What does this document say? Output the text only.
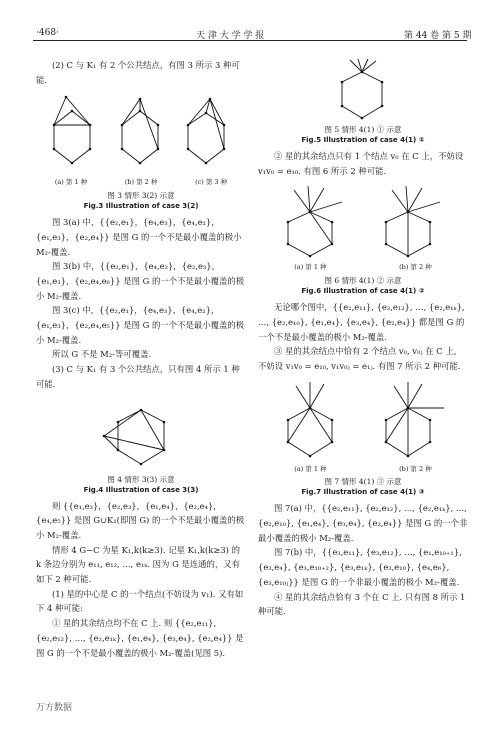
·468·	天 津 大 学 学 报	第 44 卷 第 5 期

(2) C 与 K₁ 有 2 个公共结点，有图 3 所示 3 种可能.

(a) 第 1 种	(b) 第 2 种	(c) 第 3 种

图 3 情形 3(2) 示意

Fig.3 Illustration of case 3(2)

图 3(a) 中，{{e₂,e₁}，{e₄,e₃}，{e₄,e₁}，{e₁,e₃}，{e₂,e₄}} 是图 G 的一个不是最小覆盖的极小 M₂-覆盖.

图 3(b) 中，{{e₂,e₁}，{e₄,e₂}，{e₂,e₃}，{e₁,e₃}，{e₂,e₄,e₆}} 是图 G 的一个不是最小覆盖的极小 M₂-覆盖.

图 3(c) 中，{{e₂,e₁}，{e₄,e₃}，{e₄,e₂}，{e₁,e₃}，{e₂,e₄,e₅}} 是图 G 的一个不是最小覆盖的极小 M₂-覆盖.

所以 G 不是 M₂-等可覆盖.

(3) C 与 K₁ 有 3 个公共结点，只有图 4 所示 1 种可能.

图 4 情形 3(3) 示意

Fig.4 Illustration of case 3(3)

则 {{e₁,e₃}，{e₂,e₃}，{e₁,e₄}，{e₂,e₄}，{e₄,e₅}} 是图 G∪K₁(即图 G) 的一个不是最小覆盖的极小 M₂-覆盖.

情形 4 G−C 为星 K₁,k(k≥3). 记星 K₁,k(k≥3) 的 k 条边分别为 e₁₁, e₁₂, …, e₁ₖ. 因为 G 是连通的，又有如下 2 种可能.

(1) 星的中心是 C 的一个结点(不妨设为 v₁). 又有如下 4 种可能:

① 星的其余结点均不在 C 上. 则 {{e₂,e₁₁}, {e₂,e₁₂}, …, {e₂,e₁ₖ}, {e₁,e₄}, {e₃,e₄}, {e₂,e₄}} 是图 G 的一个不是最小覆盖的极小 M₂-覆盖(见图 5).

图 5 情形 4(1) ① 示意

Fig.5 Illustration of case 4(1) ①

② 星的其余结点只有 1 个结点 v₀ 在 C 上，不妨设 v₁v₀ = e₁₀. 有图 6 所示 2 种可能.

(a) 第 1 种	(b) 第 2 种

图 6 情形 4(1) ② 示意

Fig.6 Illustration of case 4(1) ②

无论哪个图中，{{e₂,e₁₁}, {e₂,e₁₂}, …, {e₂,e₁ₖ}, …, {e₂,e₁₀}, {e₁,e₄}, {e₃,e₄}, {e₂,e₄}} 都是图 G 的一个不是最小覆盖的极小 M₂-覆盖.

③ 星的其余结点中恰有 2 个结点 v₀, v₀ⱼ 在 C 上，不妨设 v₁v₀ = e₁₀, v₁v₀ⱼ = e₁ⱼ. 有图 7 所示 2 种可能.

(a) 第 1 种	(b) 第 2 种

图 7 情形 4(1) ③ 示意

Fig.7 Illustration of case 4(1) ③

图 7(a) 中，{{e₂,e₁₁}, {e₂,e₁₂}, …, {e₂,e₁ₖ}, …, {e₂,e₁₀}, {e₁,e₄}, {e₃,e₄}, {e₂,e₄}} 是图 G 的一个非最小覆盖的极小 M₂-覆盖.

图 7(b) 中，{{e₃,e₁₁}, {e₃,e₁₂}, …, {e₁,e₁₀₊₁}, {e₃,e₄}, {e₃,e₁₀₊₂}, {e₃,e₁ₖ}, {e₃,e₁₀}, {e₄,e₆}, {e₃,e₁₀ⱼ}} 是图 G 的一个非最小覆盖的极小 M₂-覆盖.

④ 星的其余结点恰有 3 个在 C 上. 只有图 8 所示 1 种可能.

万方数据
